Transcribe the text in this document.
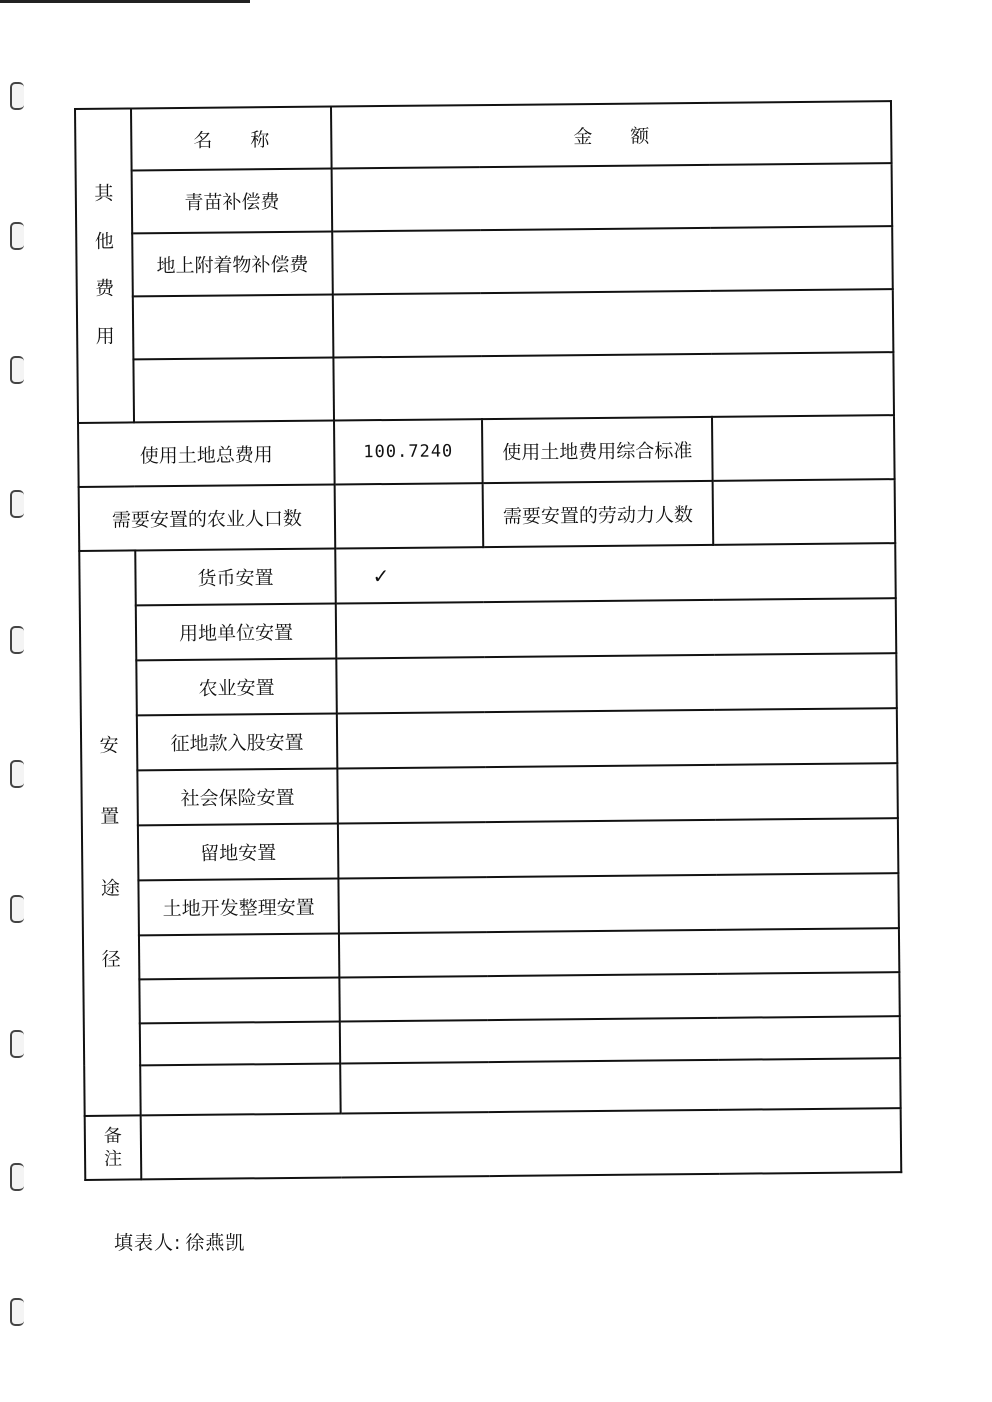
其
他
费
用	名　　称	金　　额		
	青苗补偿费			
	地上附着物补偿费			

使用土地总费用		100.7240	使用土地费用综合标准	
需要安置的农业人口数			需要安置的劳动力人数	

安
置
途
径	货币安置	✓		
	用地单位安置			
	农业安置			
	征地款入股安置			
	社会保险安置			
	留地安置			
	土地开发整理安置			

备
注				

填表人: 徐燕凯
